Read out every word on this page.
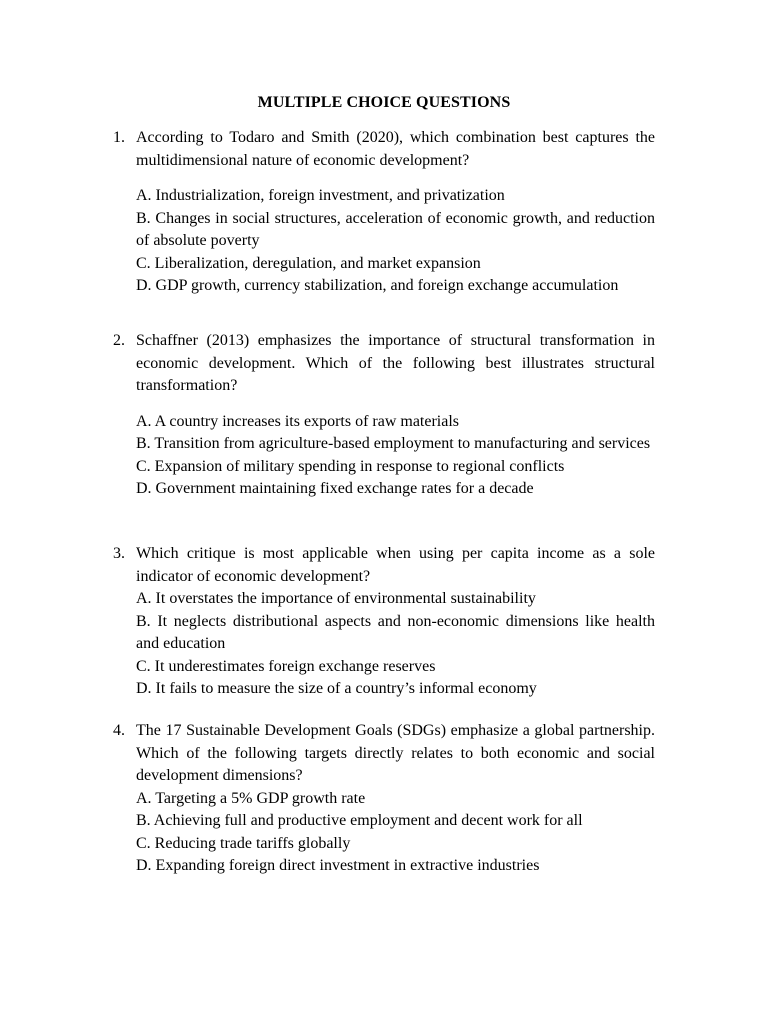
MULTIPLE CHOICE QUESTIONS
1. According to Todaro and Smith (2020), which combination best captures the multidimensional nature of economic development?
A. Industrialization, foreign investment, and privatization
B. Changes in social structures, acceleration of economic growth, and reduction of absolute poverty
C. Liberalization, deregulation, and market expansion
D. GDP growth, currency stabilization, and foreign exchange accumulation
2. Schaffner (2013) emphasizes the importance of structural transformation in economic development. Which of the following best illustrates structural transformation?
A. A country increases its exports of raw materials
B. Transition from agriculture-based employment to manufacturing and services
C. Expansion of military spending in response to regional conflicts
D. Government maintaining fixed exchange rates for a decade
3. Which critique is most applicable when using per capita income as a sole indicator of economic development?
A. It overstates the importance of environmental sustainability
B. It neglects distributional aspects and non-economic dimensions like health and education
C. It underestimates foreign exchange reserves
D. It fails to measure the size of a country’s informal economy
4. The 17 Sustainable Development Goals (SDGs) emphasize a global partnership. Which of the following targets directly relates to both economic and social development dimensions?
A. Targeting a 5% GDP growth rate
B. Achieving full and productive employment and decent work for all
C. Reducing trade tariffs globally
D. Expanding foreign direct investment in extractive industries
